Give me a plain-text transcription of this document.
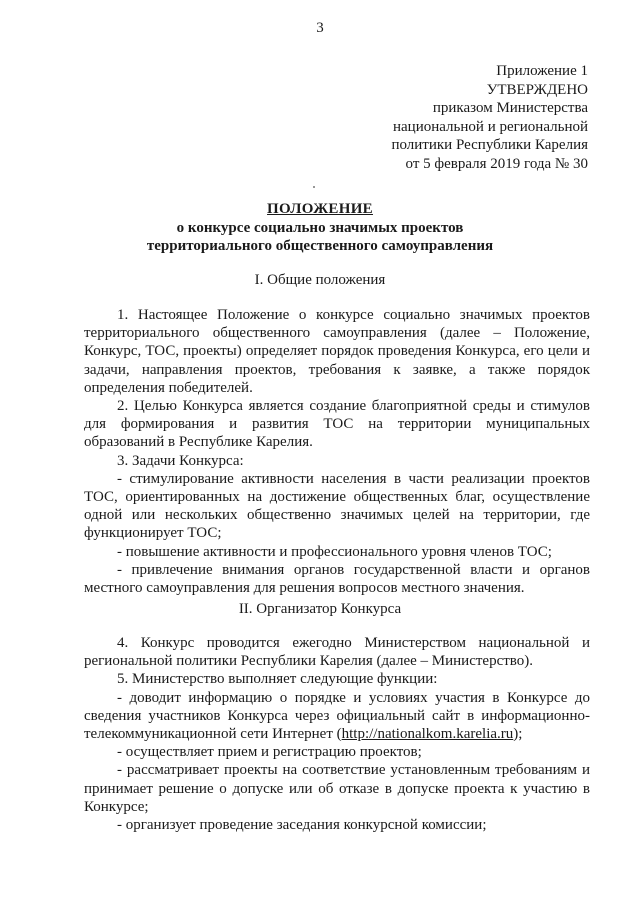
3
Приложение 1
УТВЕРЖДЕНО
приказом Министерства
национальной и региональной
политики Республики Карелия
от 5 февраля 2019 года № 30
ПОЛОЖЕНИЕ
о конкурсе социально значимых проектов
территориального общественного самоуправления
I. Общие положения

1. Настоящее Положение о конкурсе социально значимых проектов территориального общественного самоуправления (далее – Положение, Конкурс, ТОС, проекты) определяет порядок проведения Конкурса, его цели и задачи, направления проектов, требования к заявке, а также порядок определения победителей.

2. Целью Конкурса является создание благоприятной среды и стимулов для формирования и развития ТОС на территории муниципальных образований в Республике Карелия.

3. Задачи Конкурса:

- стимулирование активности населения в части реализации проектов ТОС, ориентированных на достижение общественных благ, осуществление одной или нескольких общественно значимых целей на территории, где функционирует ТОС;

- повышение активности и профессионального уровня членов ТОС;

- привлечение внимания органов государственной власти и органов местного самоуправления для решения вопросов местного значения.

II. Организатор Конкурса

4. Конкурс проводится ежегодно Министерством национальной и региональной политики Республики Карелия (далее – Министерство).

5. Министерство выполняет следующие функции:

- доводит информацию о порядке и условиях участия в Конкурсе до сведения участников Конкурса через официальный сайт в информационно-телекоммуникационной сети Интернет (http://nationalkom.karelia.ru);

- осуществляет прием и регистрацию проектов;

- рассматривает проекты на соответствие установленным требованиям и принимает решение о допуске или об отказе в допуске проекта к участию в Конкурсе;

- организует проведение заседания конкурсной комиссии;
